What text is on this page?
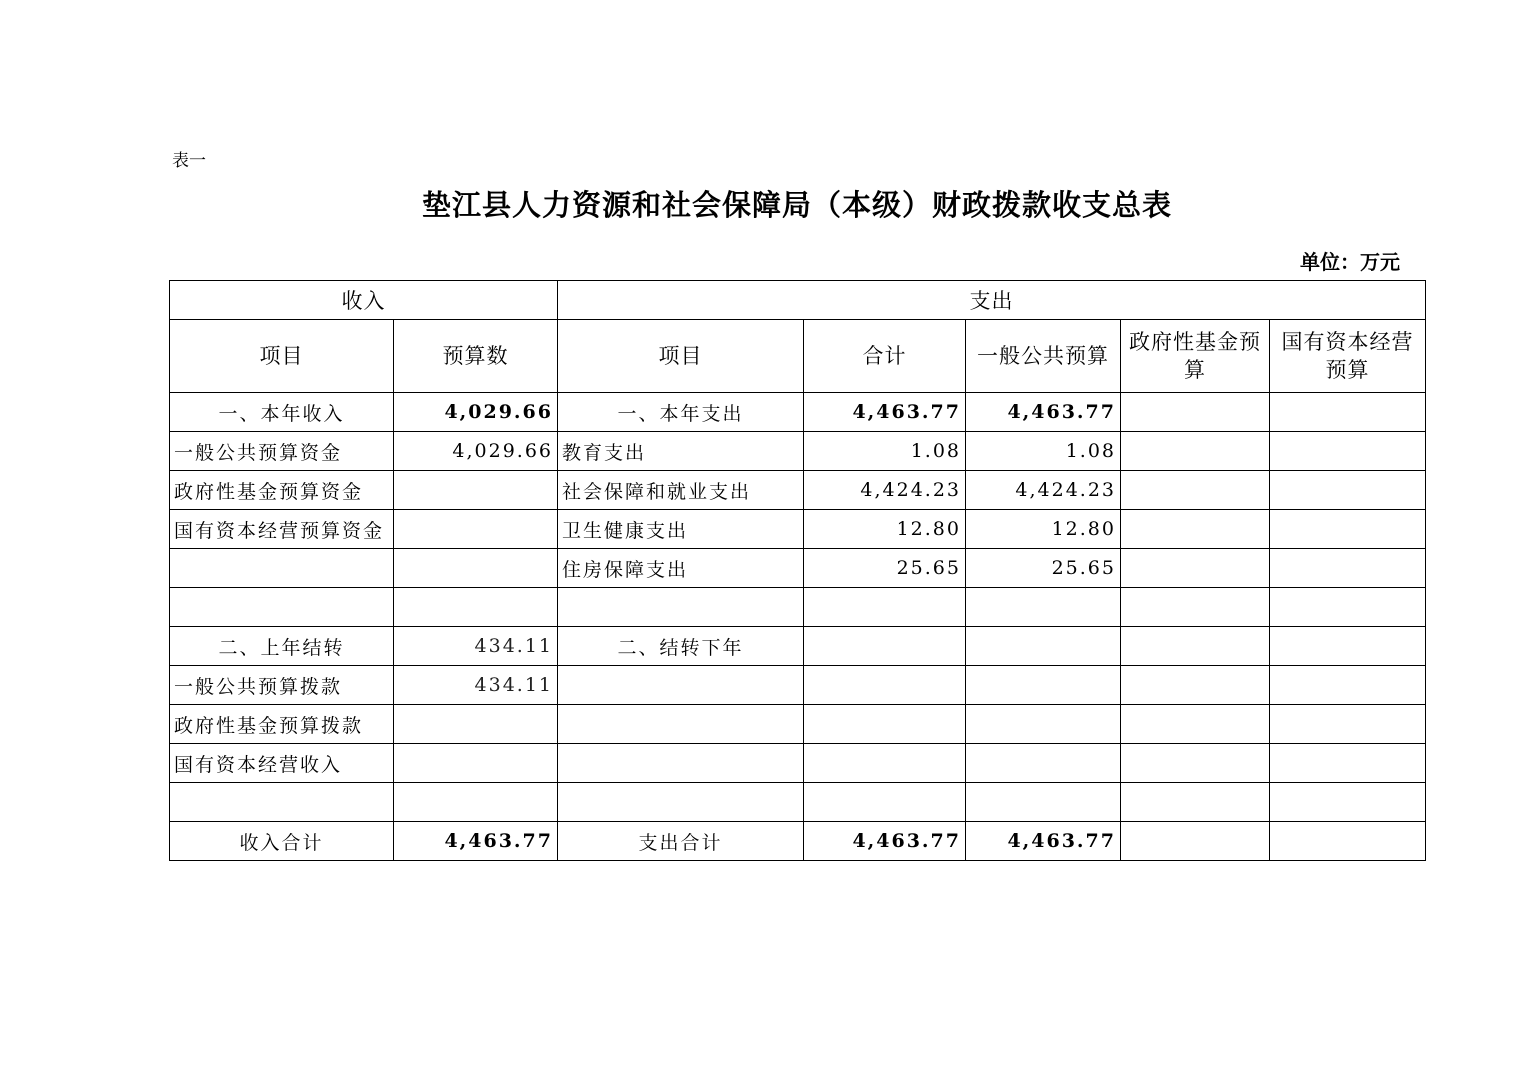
表一
垫江县人力资源和社会保障局（本级）财政拨款收支总表
单位：万元
收入		支出				
项目	预算数	项目	合计	一般公共预算	政府性基金预算	国有资本经营预算
一、本年收入	4,029.66	一、本年支出	4,463.77	4,463.77		
一般公共预算资金	4,029.66	教育支出	1.08	1.08		
政府性基金预算资金		社会保障和就业支出	4,424.23	4,424.23		
国有资本经营预算资金		卫生健康支出	12.80	12.80		
		住房保障支出	25.65	25.65		

二、上年结转	434.11	二、结转下年				
一般公共预算拨款	434.11					
政府性基金预算拨款						
国有资本经营收入						

收入合计	4,463.77	支出合计	4,463.77	4,463.77		
